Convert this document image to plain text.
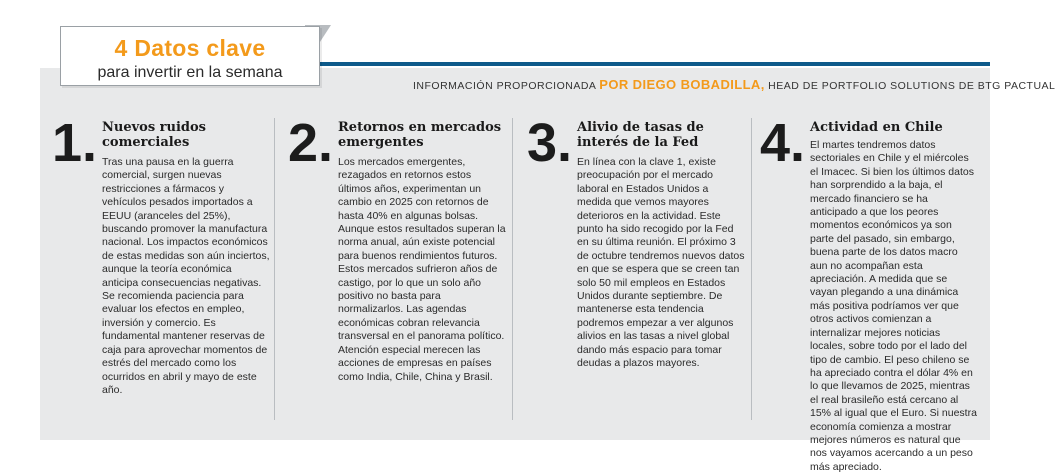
4 Datos clave
para invertir en la semana
INFORMACIÓN PROPORCIONADA POR DIEGO BOBADILLA, HEAD DE PORTFOLIO SOLUTIONS DE BTG PACTUAL
1. Nuevos ruidos comerciales
Tras una pausa en la guerra comercial, surgen nuevas restricciones a fármacos y vehículos pesados importados a EEUU (aranceles del 25%), buscando promover la manufactura nacional. Los impactos económicos de estas medidas son aún inciertos, aunque la teoría económica anticipa consecuencias negativas. Se recomienda paciencia para evaluar los efectos en empleo, inversión y comercio. Es fundamental mantener reservas de caja para aprovechar momentos de estrés del mercado como los ocurridos en abril y mayo de este año.
2. Retornos en mercados emergentes
Los mercados emergentes, rezagados en retornos estos últimos años, experimentan un cambio en 2025 con retornos de hasta 40% en algunas bolsas. Aunque estos resultados superan la norma anual, aún existe potencial para buenos rendimientos futuros. Estos mercados sufrieron años de castigo, por lo que un solo año positivo no basta para normalizarlos. Las agendas económicas cobran relevancia transversal en el panorama político. Atención especial merecen las acciones de empresas en países como India, Chile, China y Brasil.
3. Alivio de tasas de interés de la Fed
En línea con la clave 1, existe preocupación por el mercado laboral en Estados Unidos a medida que vemos mayores deterioros en la actividad. Este punto ha sido recogido por la Fed en su última reunión. El próximo 3 de octubre tendremos nuevos datos en que se espera que se creen tan solo 50 mil empleos en Estados Unidos durante septiembre. De mantenerse esta tendencia podremos empezar a ver algunos alivios en las tasas a nivel global dando más espacio para tomar deudas a plazos mayores.
4. Actividad en Chile
El martes tendremos datos sectoriales en Chile y el miércoles el Imacec. Si bien los últimos datos han sorprendido a la baja, el mercado financiero se ha anticipado a que los peores momentos económicos ya son parte del pasado, sin embargo, buena parte de los datos macro aun no acompañan esta apreciación. A medida que se vayan plegando a una dinámica más positiva podríamos ver que otros activos comienzan a internalizar mejores noticias locales, sobre todo por el lado del tipo de cambio. El peso chileno se ha apreciado contra el dólar 4% en lo que llevamos de 2025, mientras el real brasileño está cercano al 15% al igual que el Euro. Si nuestra economía comienza a mostrar mejores números es natural que nos vayamos acercando a un peso más apreciado.
